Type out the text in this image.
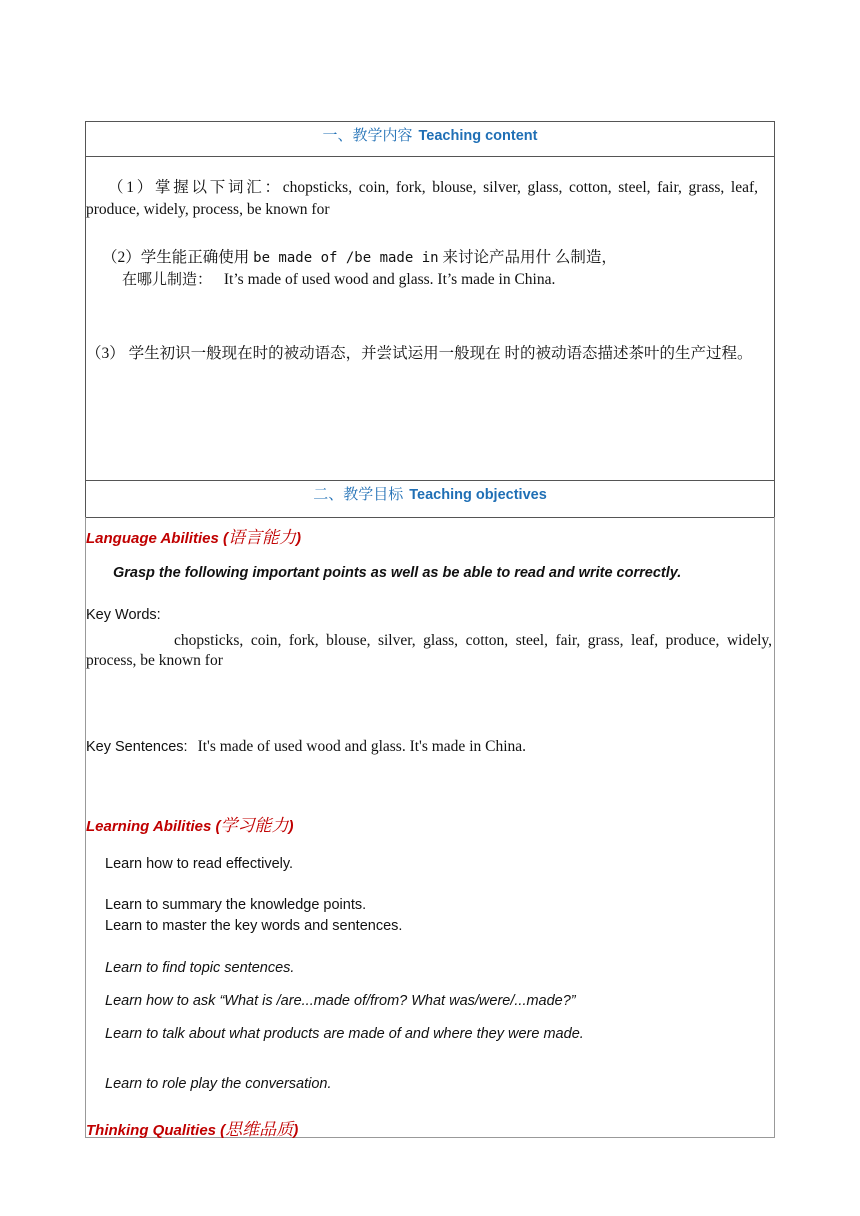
一、教学内容 Teaching content
（1）掌握以下词汇：chopsticks, coin, fork, blouse, silver, glass, cotton, steel, fair, grass, leaf, produce, widely, process, be known for
（2）学生能正确使用 be made of /be made in 来讨论产品用什 么制造，
在哪儿制造： It’s made of used wood and glass. It’s made in China.
（3） 学生初识一般现在时的被动语态，并尝试运用一般现在 时的被动语态描述茶叶的生产过程。
二、教学目标 Teaching objectives
Language Abilities (语言能力)
Grasp the following important points as well as be able to read and write correctly.
Key Words:
chopsticks, coin, fork, blouse, silver, glass, cotton, steel, fair, grass, leaf, produce, widely, process, be known for
Key Sentences: It's made of used wood and glass. It's made in China.
Learning Abilities (学习能力)
Learn how to read effectively.
Learn to summary the knowledge points.
Learn to master the key words and sentences.
Learn to find topic sentences.
Learn how to ask “What is /are...made of/from? What was/were/...made?”
Learn to talk about what products are made of and where they were made.
Learn to role play the conversation.
Thinking Qualities (思维品质)
